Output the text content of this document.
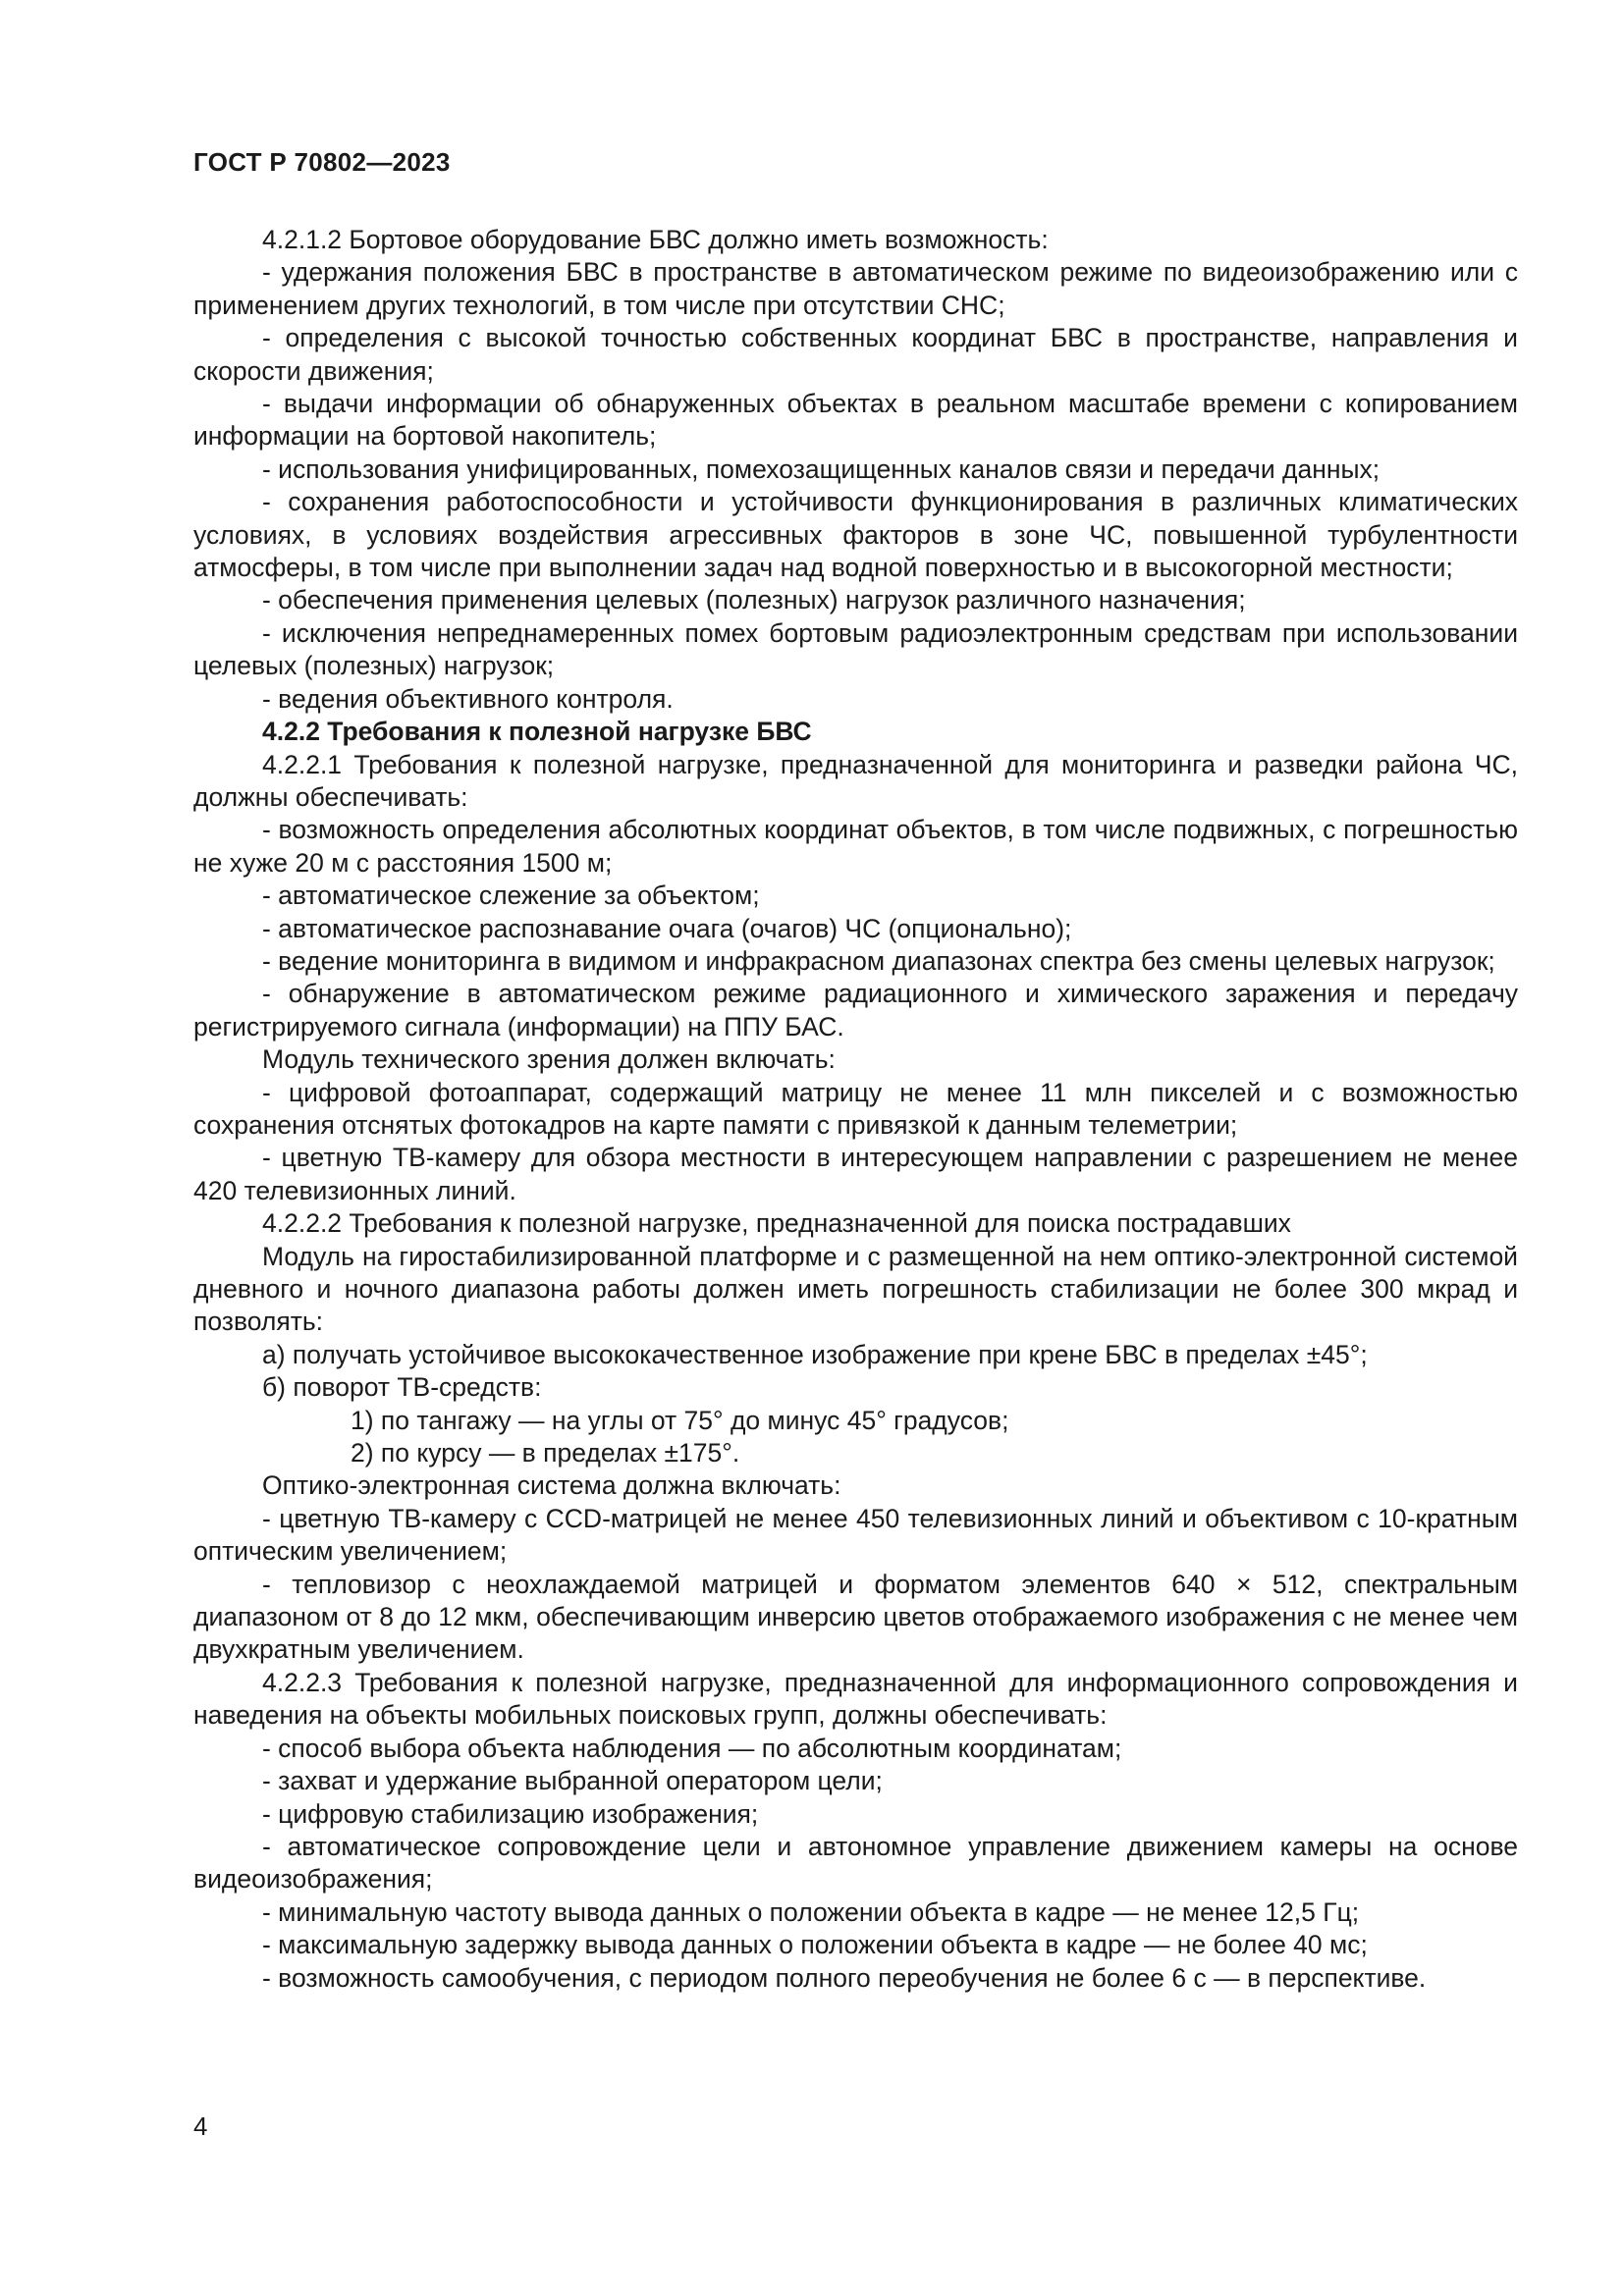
ГОСТ Р 70802—2023

4.2.1.2 Бортовое оборудование БВС должно иметь возможность:

- удержания положения БВС в пространстве в автоматическом режиме по видеоизображению или с применением других технологий, в том числе при отсутствии СНС;

- определения с высокой точностью собственных координат БВС в пространстве, направления и скорости движения;

- выдачи информации об обнаруженных объектах в реальном масштабе времени с копированием информации на бортовой накопитель;

- использования унифицированных, помехозащищенных каналов связи и передачи данных;

- сохранения работоспособности и устойчивости функционирования в различных климатических условиях, в условиях воздействия агрессивных факторов в зоне ЧС, повышенной турбулентности атмосферы, в том числе при выполнении задач над водной поверхностью и в высокогорной местности;

- обеспечения применения целевых (полезных) нагрузок различного назначения;

- исключения непреднамеренных помех бортовым радиоэлектронным средствам при использовании целевых (полезных) нагрузок;

- ведения объективного контроля.

4.2.2 Требования к полезной нагрузке БВС

4.2.2.1 Требования к полезной нагрузке, предназначенной для мониторинга и разведки района ЧС, должны обеспечивать:

- возможность определения абсолютных координат объектов, в том числе подвижных, с погрешностью не хуже 20 м с расстояния 1500 м;

- автоматическое слежение за объектом;

- автоматическое распознавание очага (очагов) ЧС (опционально);

- ведение мониторинга в видимом и инфракрасном диапазонах спектра без смены целевых нагрузок;

- обнаружение в автоматическом режиме радиационного и химического заражения и передачу регистрируемого сигнала (информации) на ППУ БАС.

Модуль технического зрения должен включать:

- цифровой фотоаппарат, содержащий матрицу не менее 11 млн пикселей и с возможностью сохранения отснятых фотокадров на карте памяти с привязкой к данным телеметрии;

- цветную ТВ-камеру для обзора местности в интересующем направлении с разрешением не менее 420 телевизионных линий.

4.2.2.2 Требования к полезной нагрузке, предназначенной для поиска пострадавших

Модуль на гиростабилизированной платформе и с размещенной на нем оптико-электронной системой дневного и ночного диапазона работы должен иметь погрешность стабилизации не более 300 мкрад и позволять:

а) получать устойчивое высококачественное изображение при крене БВС в пределах ±45°;

б) поворот ТВ-средств:

1) по тангажу — на углы от 75° до минус 45° градусов;

2) по курсу — в пределах ±175°.

Оптико-электронная система должна включать:

- цветную ТВ-камеру с CCD-матрицей не менее 450 телевизионных линий и объективом с 10-кратным оптическим увеличением;

- тепловизор с неохлаждаемой матрицей и форматом элементов 640 × 512, спектральным диапазоном от 8 до 12 мкм, обеспечивающим инверсию цветов отображаемого изображения с не менее чем двухкратным увеличением.

4.2.2.3 Требования к полезной нагрузке, предназначенной для информационного сопровождения и наведения на объекты мобильных поисковых групп, должны обеспечивать:

- способ выбора объекта наблюдения — по абсолютным координатам;

- захват и удержание выбранной оператором цели;

- цифровую стабилизацию изображения;

- автоматическое сопровождение цели и автономное управление движением камеры на основе видеоизображения;

- минимальную частоту вывода данных о положении объекта в кадре — не менее 12,5 Гц;

- максимальную задержку вывода данных о положении объекта в кадре — не более 40 мс;

- возможность самообучения, с периодом полного переобучения не более 6 с — в перспективе.

4
